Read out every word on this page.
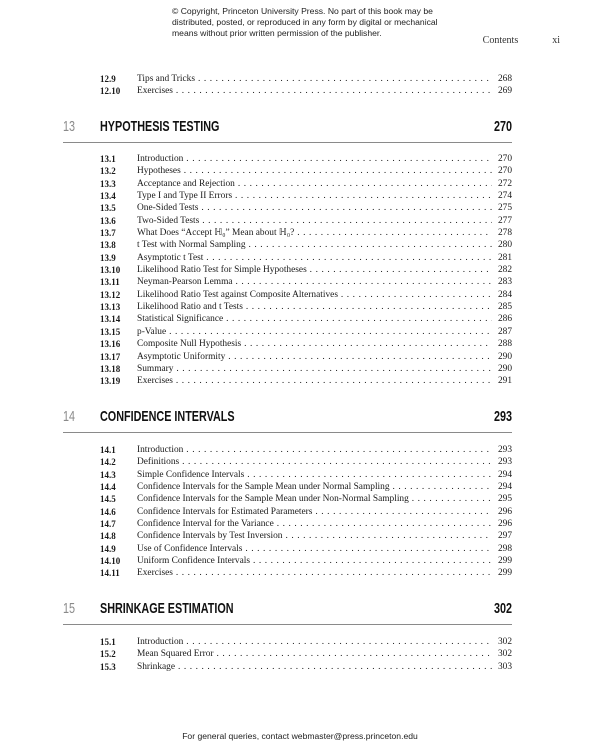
© Copyright, Princeton University Press. No part of this book may be distributed, posted, or reproduced in any form by digital or mechanical means without prior written permission of the publisher.
Contents	xi
12.9 Tips and Tricks . . .	268
12.10 Exercises . . .	269
13 HYPOTHESIS TESTING	270
13.1 Introduction . . .	270
13.2 Hypotheses . . .	270
13.3 Acceptance and Rejection . . .	272
13.4 Type I and Type II Errors . . .	274
13.5 One-Sided Tests . . .	275
13.6 Two-Sided Tests . . .	277
13.7 What Does “Accept ℍ₀” Mean about ℍ₀? . . .	278
13.8 t Test with Normal Sampling . . .	280
13.9 Asymptotic t Test . . .	281
13.10 Likelihood Ratio Test for Simple Hypotheses . . .	282
13.11 Neyman-Pearson Lemma . . .	283
13.12 Likelihood Ratio Test against Composite Alternatives . . .	284
13.13 Likelihood Ratio and t Tests . . .	285
13.14 Statistical Significance . . .	286
13.15 p-Value . . .	287
13.16 Composite Null Hypothesis . . .	288
13.17 Asymptotic Uniformity . . .	290
13.18 Summary . . .	290
13.19 Exercises . . .	291
14 CONFIDENCE INTERVALS	293
14.1 Introduction . . .	293
14.2 Definitions . . .	293
14.3 Simple Confidence Intervals . . .	294
14.4 Confidence Intervals for the Sample Mean under Normal Sampling . . .	294
14.5 Confidence Intervals for the Sample Mean under Non-Normal Sampling . . .	295
14.6 Confidence Intervals for Estimated Parameters . . .	296
14.7 Confidence Interval for the Variance . . .	296
14.8 Confidence Intervals by Test Inversion . . .	297
14.9 Use of Confidence Intervals . . .	298
14.10 Uniform Confidence Intervals . . .	299
14.11 Exercises . . .	299
15 SHRINKAGE ESTIMATION	302
15.1 Introduction . . .	302
15.2 Mean Squared Error . . .	302
15.3 Shrinkage . . .	303
For general queries, contact webmaster@press.princeton.edu
